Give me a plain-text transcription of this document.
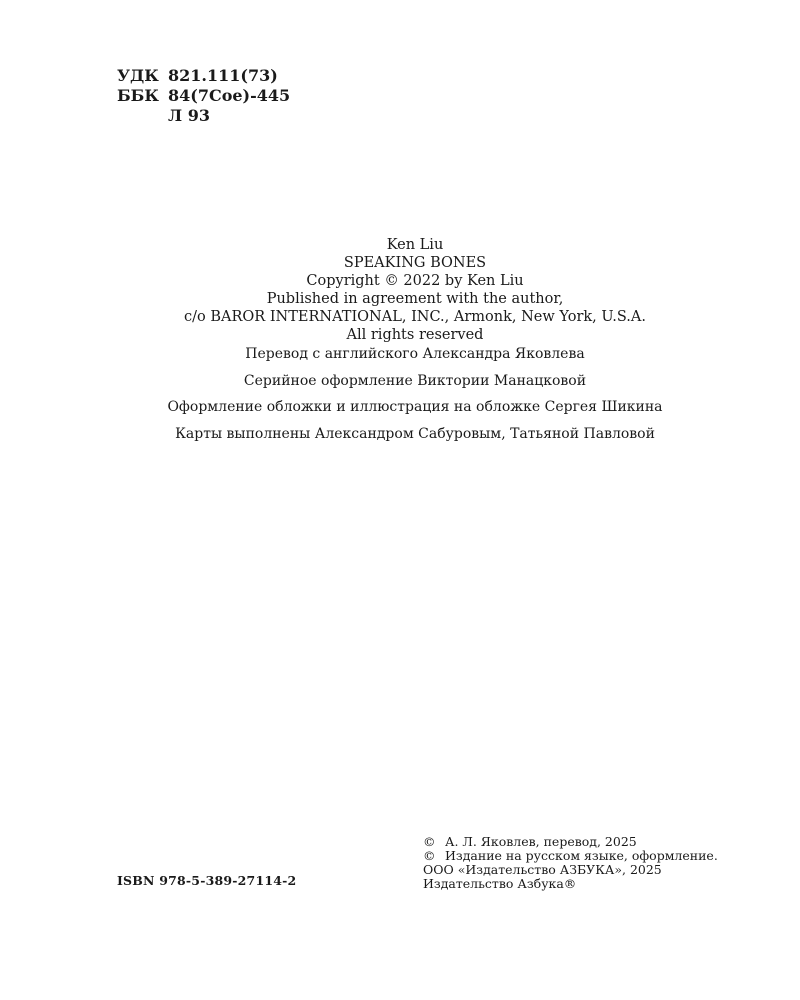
УДК 821.111(73)
ББК 84(7Сое)-445
Л 93
Ken Liu
SPEAKING BONES
Copyright © 2022 by Ken Liu
Published in agreement with the author,
c/o BAROR INTERNATIONAL, INC., Armonk, New York, U.S.A.
All rights reserved
Перевод с английского Александра Яковлева
Серийное оформление Виктории Манацковой
Оформление обложки и иллюстрация на обложке Сергея Шикина
Карты выполнены Александром Сабуровым, Татьяной Павловой
ISBN 978-5-389-27114-2
© А. Л. Яковлев, перевод, 2025
© Издание на русском языке, оформление.
ООО «Издательство АЗБУКА», 2025
Издательство Азбука®
